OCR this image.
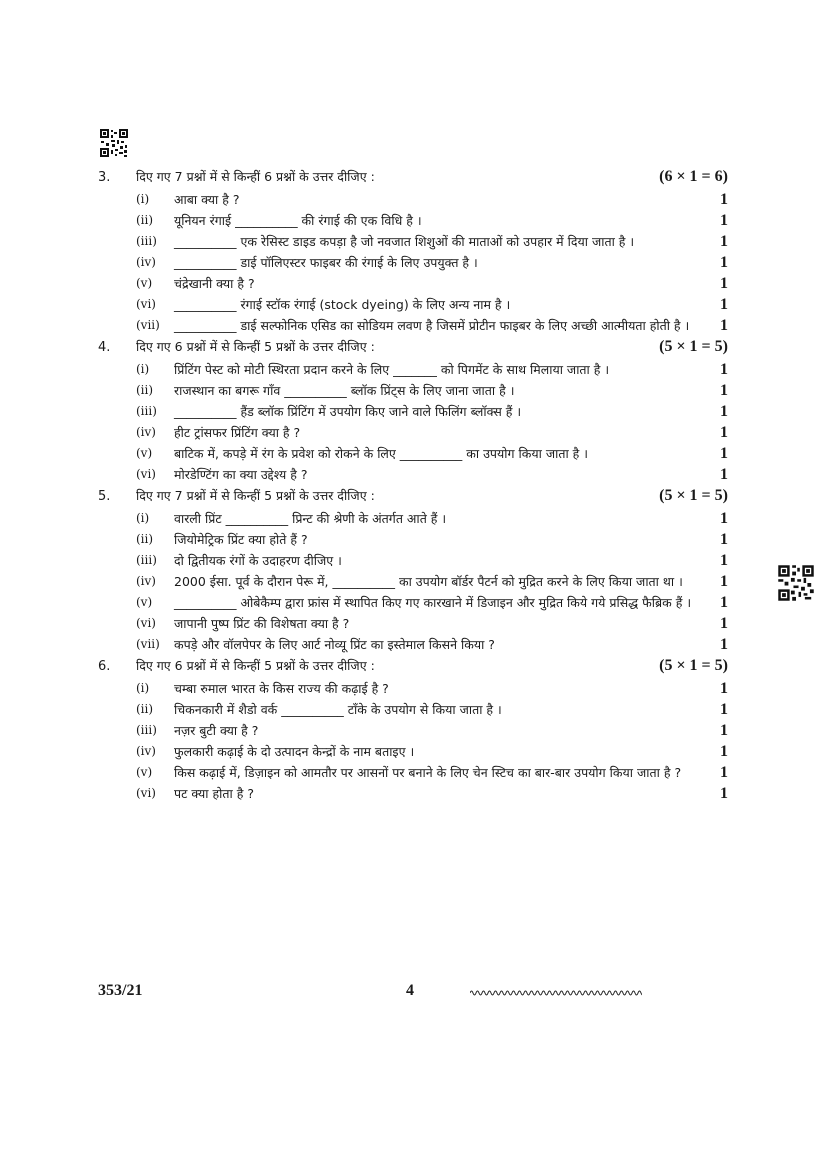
3.	दिए गए 7 प्रश्नों में से किन्हीं 6 प्रश्नों के उत्तर दीजिए :	(6 × 1 = 6)
(i)	आबा क्या है ?	1
(ii)	यूनियन रंगाई __________ की रंगाई की एक विधि है ।	1
(iii)	__________ एक रेसिस्ट डाइड कपड़ा है जो नवजात शिशुओं की माताओं को उपहार में दिया जाता है ।	1
(iv)	__________ डाई पॉलिएस्टर फाइबर की रंगाई के लिए उपयुक्त है ।	1
(v)	चंद्रेखानी क्या है ?	1
(vi)	__________ रंगाई स्टॉक रंगाई (stock dyeing) के लिए अन्य नाम है ।	1
(vii)	__________ डाई सल्फोनिक एसिड का सोडियम लवण है जिसमें प्रोटीन फाइबर के लिए अच्छी आत्मीयता होती है ।	1
4.	दिए गए 6 प्रश्नों में से किन्हीं 5 प्रश्नों के उत्तर दीजिए :	(5 × 1 = 5)
(i)	प्रिंटिंग पेस्ट को मोटी स्थिरता प्रदान करने के लिए _______ को पिगमेंट के साथ मिलाया जाता है ।	1
(ii)	राजस्थान का बगरू गाँव __________ ब्लॉक प्रिंट्स के लिए जाना जाता है ।	1
(iii)	__________ हैंड ब्लॉक प्रिंटिंग में उपयोग किए जाने वाले फिलिंग ब्लॉक्स हैं ।	1
(iv)	हीट ट्रांसफर प्रिंटिंग क्या है ?	1
(v)	बाटिक में, कपड़े में रंग के प्रवेश को रोकने के लिए __________ का उपयोग किया जाता है ।	1
(vi)	मोरडेण्टिंग का क्या उद्देश्य है ?	1
5.	दिए गए 7 प्रश्नों में से किन्हीं 5 प्रश्नों के उत्तर दीजिए :	(5 × 1 = 5)
(i)	वारली प्रिंट __________ प्रिन्ट की श्रेणी के अंतर्गत आते हैं ।	1
(ii)	जियोमेट्रिक प्रिंट क्या होते हैं ?	1
(iii)	दो द्वितीयक रंगों के उदाहरण दीजिए ।	1
(iv)	2000 ईसा. पूर्व के दौरान पेरू में, __________ का उपयोग बॉर्डर पैटर्न को मुद्रित करने के लिए किया जाता था ।	1
(v)	__________ ओबेकैम्प द्वारा फ्रांस में स्थापित किए गए कारखाने में डिजाइन और मुद्रित किये गये प्रसिद्ध फैब्रिक हैं ।	1
(vi)	जापानी पुष्प प्रिंट की विशेषता क्या है ?	1
(vii)	कपड़े और वॉलपेपर के लिए आर्ट नोव्यू प्रिंट का इस्तेमाल किसने किया ?	1
6.	दिए गए 6 प्रश्नों में से किन्हीं 5 प्रश्नों के उत्तर दीजिए :	(5 × 1 = 5)
(i)	चम्बा रुमाल भारत के किस राज्य की कढ़ाई है ?	1
(ii)	चिकनकारी में शैडो वर्क __________ टाँके के उपयोग से किया जाता है ।	1
(iii)	नज़र बुटी क्या है ?	1
(iv)	फुलकारी कढ़ाई के दो उत्पादन केन्द्रों के नाम बताइए ।	1
(v)	किस कढ़ाई में, डिज़ाइन को आमतौर पर आसनों पर बनाने के लिए चेन स्टिच का बार-बार उपयोग किया जाता है ?	1
(vi)	पट क्या होता है ?	1
353/21	4
